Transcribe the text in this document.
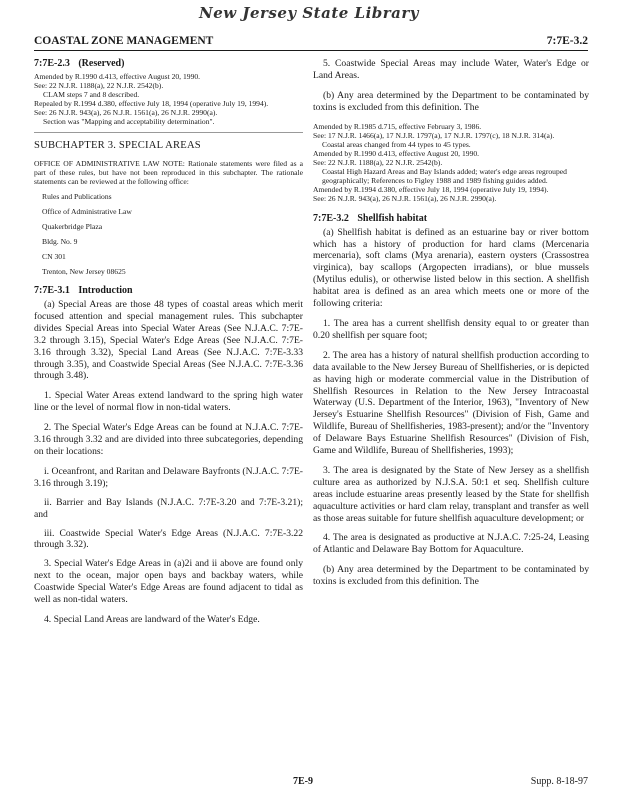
New Jersey State Library
COASTAL ZONE MANAGEMENT	7:7E-3.2
7:7E-2.3 (Reserved)

Amended by R.1990 d.413, effective August 20, 1990.

See: 22 N.J.R. 1188(a), 22 N.J.R. 2542(b).

CLAM steps 7 and 8 described.

Repealed by R.1994 d.380, effective July 18, 1994 (operative July 19, 1994).

See: 26 N.J.R. 943(a), 26 N.J.R. 1561(a), 26 N.J.R. 2990(a).

Section was "Mapping and acceptability determination".

SUBCHAPTER 3. SPECIAL AREAS

OFFICE OF ADMINISTRATIVE LAW NOTE: Rationale statements were filed as a part of these rules, but have not been reproduced in this subchapter. The rationale statements can be reviewed at the following office:

Rules and Publications

Office of Administrative Law

Quakerbridge Plaza

Bldg. No. 9

CN 301

Trenton, New Jersey 08625

7:7E-3.1 Introduction

(a) Special Areas are those 48 types of coastal areas which merit focused attention and special management rules. This subchapter divides Special Areas into Special Water Areas (See N.J.A.C. 7:7E-3.2 through 3.15), Special Water's Edge Areas (See N.J.A.C. 7:7E-3.16 through 3.32), Special Land Areas (See N.J.A.C. 7:7E-3.33 through 3.35), and Coastwide Special Areas (See N.J.A.C. 7:7E-3.36 through 3.48).

1. Special Water Areas extend landward to the spring high water line or the level of normal flow in non-tidal waters.

2. The Special Water's Edge Areas can be found at N.J.A.C. 7:7E-3.16 through 3.32 and are divided into three subcategories, depending on their locations:

i. Oceanfront, and Raritan and Delaware Bayfronts (N.J.A.C. 7:7E-3.16 through 3.19);

ii. Barrier and Bay Islands (N.J.A.C. 7:7E-3.20 and 7:7E-3.21); and

iii. Coastwide Special Water's Edge Areas (N.J.A.C. 7:7E-3.22 through 3.32).

3. Special Water's Edge Areas in (a)2i and ii above are found only next to the ocean, major open bays and backbay waters, while Coastwide Special Water's Edge Areas are found adjacent to tidal as well as non-tidal waters.

4. Special Land Areas are landward of the Water's Edge.

5. Coastwide Special Areas may include Water, Water's Edge or Land Areas.

(b) Any area determined by the Department to be contaminated by toxins is excluded from this definition. The

Amended by R.1985 d.715, effective February 3, 1986.

See: 17 N.J.R. 1466(a), 17 N.J.R. 1797(a), 17 N.J.R. 1797(c), 18 N.J.R. 314(a).

Coastal areas changed from 44 types to 45 types.

Amended by R.1990 d.413, effective August 20, 1990.

See: 22 N.J.R. 1188(a), 22 N.J.R. 2542(b).

Coastal High Hazard Areas and Bay Islands added; water's edge areas regrouped geographically; References to Figley 1988 and 1989 fishing guides added.

Amended by R.1994 d.380, effective July 18, 1994 (operative July 19, 1994).

See: 26 N.J.R. 943(a), 26 N.J.R. 1561(a), 26 N.J.R. 2990(a).

7:7E-3.2 Shellfish habitat

(a) Shellfish habitat is defined as an estuarine bay or river bottom which has a history of production for hard clams (Mercenaria mercenaria), soft clams (Mya arenaria), eastern oysters (Crassostrea virginica), bay scallops (Argopecten irradians), or blue mussels (Mytilus edulis), or otherwise listed below in this section. A shellfish habitat area is defined as an area which meets one or more of the following criteria:

1. The area has a current shellfish density equal to or greater than 0.20 shellfish per square foot;

2. The area has a history of natural shellfish production according to data available to the New Jersey Bureau of Shellfisheries, or is depicted as having high or moderate commercial value in the Distribution of Shellfish Resources in Relation to the New Jersey Intracoastal Waterway (U.S. Department of the Interior, 1963), "Inventory of New Jersey's Estuarine Shellfish Resources" (Division of Fish, Game and Wildlife, Bureau of Shellfisheries, 1983-present); and/or the "Inventory of Delaware Bays Estuarine Shellfish Resources" (Division of Fish, Game and Wildlife, Bureau of Shellfisheries, 1993);

3. The area is designated by the State of New Jersey as a shellfish culture area as authorized by N.J.S.A. 50:1 et seq. Shellfish culture areas include estuarine areas presently leased by the State for shellfish aquaculture activities or hard clam relay, transplant and transfer as well as those areas suitable for future shellfish aquaculture development; or

4. The area is designated as productive at N.J.A.C. 7:25-24, Leasing of Atlantic and Delaware Bay Bottom for Aquaculture.

(b) Any area determined by the Department to be contaminated by toxins is excluded from this definition. The

7E-9	Supp. 8-18-97
